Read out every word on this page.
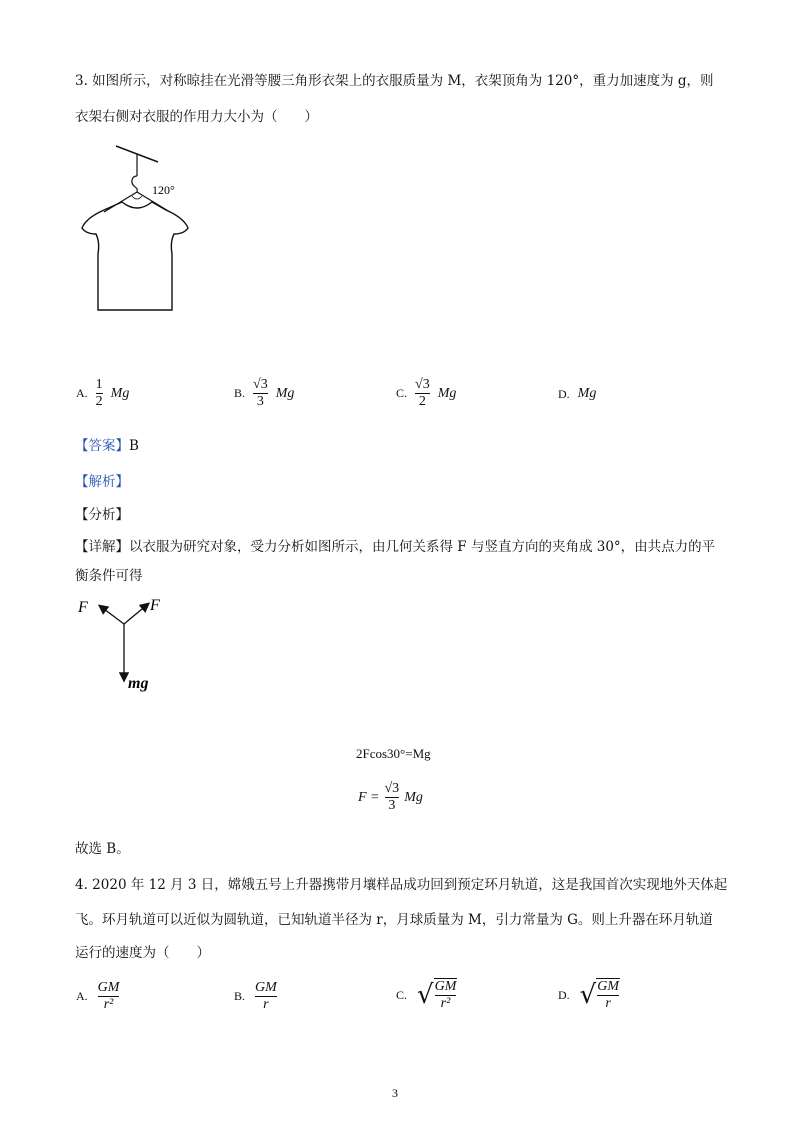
3. 如图所示，对称晾挂在光滑等腰三角形衣架上的衣服质量为 M，衣架顶角为 120°，重力加速度为 g，则
衣架右侧对衣服的作用力大小为（　　）
120°
A. $\frac{1}{2}$ Mg	B. $\frac{√3}{3}$ Mg	C. $\frac{√3}{2}$ Mg	D. Mg
【答案】B
【解析】
【分析】
【详解】以衣服为研究对象，受力分析如图所示，由几何关系得 F 与竖直方向的夹角成 30°，由共点力的平
衡条件可得
F	F
mg
2Fcos30°=Mg
$F = \frac{√3}{3}$ Mg
故选 B。
4. 2020 年 12 月 3 日，嫦娥五号上升器携带月壤样品成功回到预定环月轨道，这是我国首次实现地外天体起
飞。环月轨道可以近似为圆轨道，已知轨道半径为 r，月球质量为 M，引力常量为 G。则上升器在环月轨道
运行的速度为（　　）
A. $\frac{GM}{\text{r²}}$	B. $\frac{GM}{r}$	C. √ $\frac{GM}{\text{r²}}$	D. √ $\frac{GM}{r}$
3
